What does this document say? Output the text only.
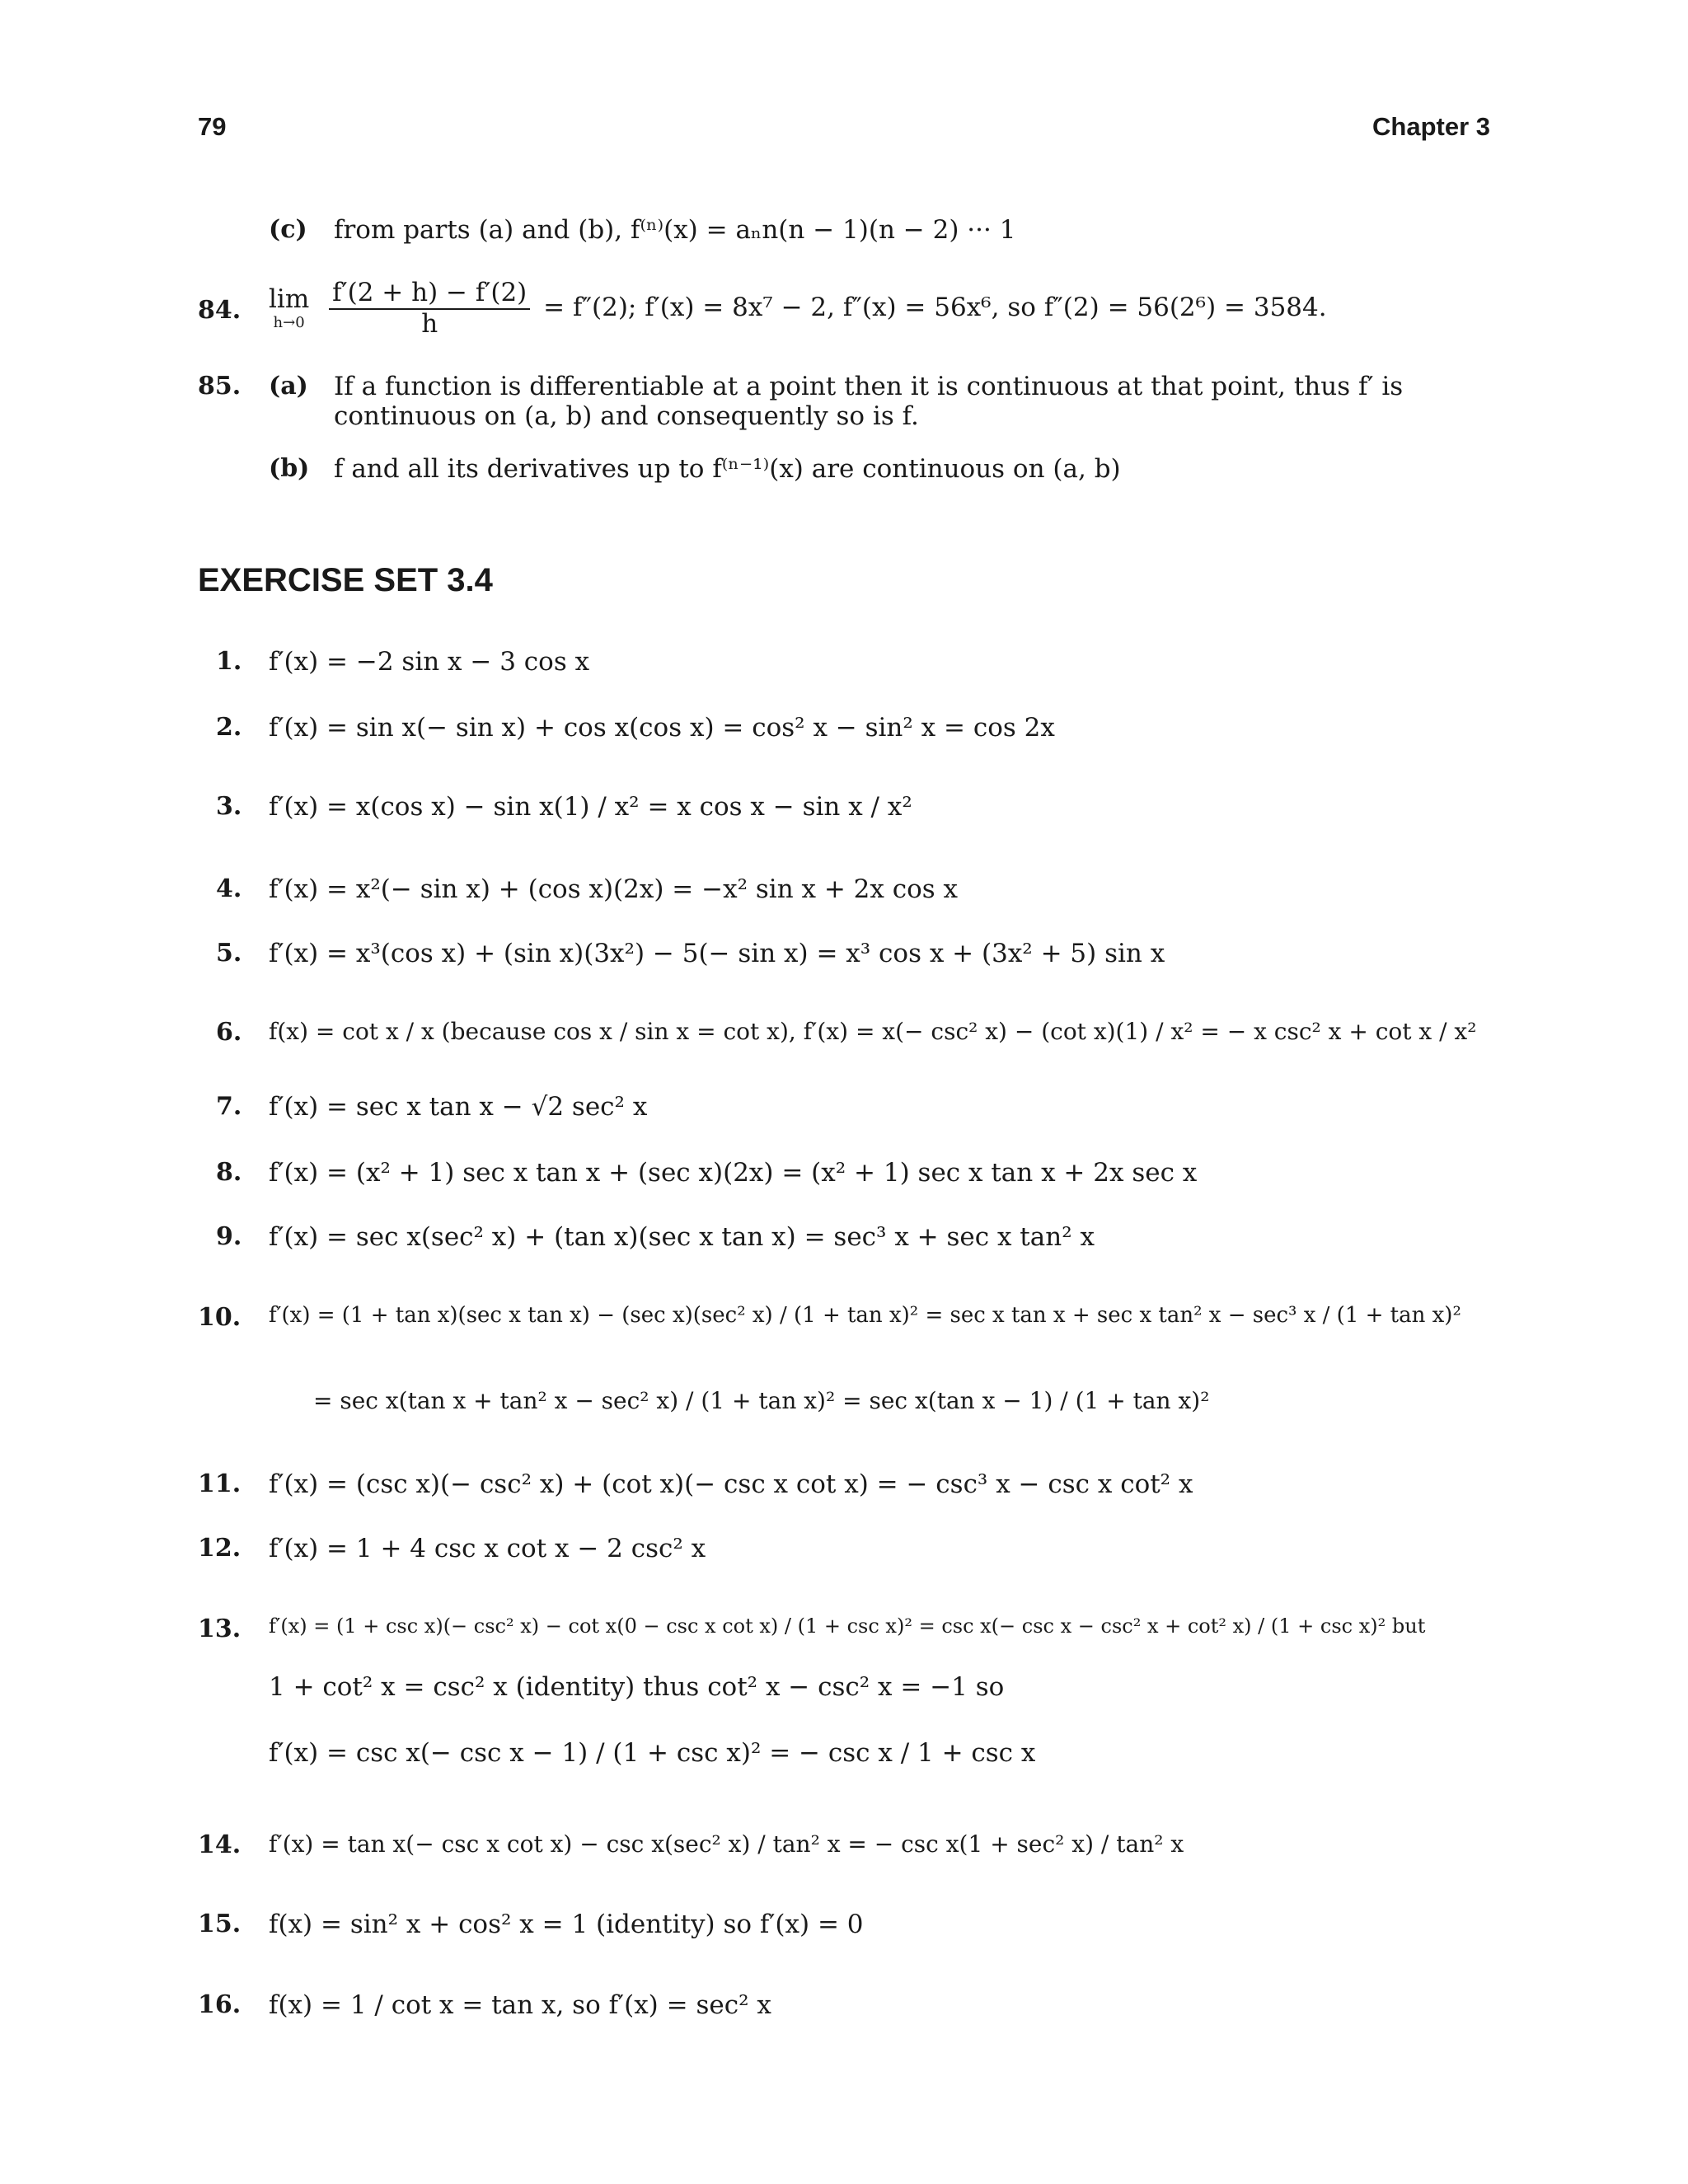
79	Chapter 3
(c) from parts (a) and (b), f⁽ⁿ⁾(x) = aₙn(n − 1)(n − 2) ··· 1
84. lim
h→0
$\frac{f'(2 + h) - f'(2)}{h} = f''(2)$; f′(x) = 8x⁷ − 2, f″(x) = 56x⁶, so f″(2) = 56(2⁶) = 3584.
85. (a) If a function is differentiable at a point then it is continuous at that point, thus f′ is continuous on (a, b) and consequently so is f.
(b) f and all its derivatives up to f⁽ⁿ⁻¹⁾(x) are continuous on (a, b)
EXERCISE SET 3.4
1. f′(x) = −2 sin x − 3 cos x
2. f′(x) = sin x(− sin x) + cos x(cos x) = cos² x − sin² x = cos 2x
3. f′(x) = x(cos x) − sin x(1) / x² = x cos x − sin x / x²
4. f′(x) = x²(− sin x) + (cos x)(2x) = −x² sin x + 2x cos x
5. f′(x) = x³(cos x) + (sin x)(3x²) − 5(− sin x) = x³ cos x + (3x² + 5) sin x
6. f(x) = cot x / x (because cos x / sin x = cot x), f′(x) = x(− csc² x) − (cot x)(1) / x² = − x csc² x + cot x / x²
7. f′(x) = sec x tan x − √2 sec² x
8. f′(x) = (x² + 1) sec x tan x + (sec x)(2x) = (x² + 1) sec x tan x + 2x sec x
9. f′(x) = sec x(sec² x) + (tan x)(sec x tan x) = sec³ x + sec x tan² x
10. f′(x) = (1 + tan x)(sec x tan x) − (sec x)(sec² x) / (1 + tan x)² = sec x tan x + sec x tan² x − sec³ x / (1 + tan x)²
= sec x(tan x + tan² x − sec² x) / (1 + tan x)² = sec x(tan x − 1) / (1 + tan x)²
11. f′(x) = (csc x)(− csc² x) + (cot x)(− csc x cot x) = − csc³ x − csc x cot² x
12. f′(x) = 1 + 4 csc x cot x − 2 csc² x
13. f′(x) = (1 + csc x)(− csc² x) − cot x(0 − csc x cot x) / (1 + csc x)² = csc x(− csc x − csc² x + cot² x) / (1 + csc x)² but
1 + cot² x = csc² x (identity) thus cot² x − csc² x = −1 so
f′(x) = csc x(− csc x − 1) / (1 + csc x)² = − csc x / 1 + csc x
14. f′(x) = tan x(− csc x cot x) − csc x(sec² x) / tan² x = − csc x(1 + sec² x) / tan² x
15. f(x) = sin² x + cos² x = 1 (identity) so f′(x) = 0
16. f(x) = 1 / cot x = tan x, so f′(x) = sec² x
